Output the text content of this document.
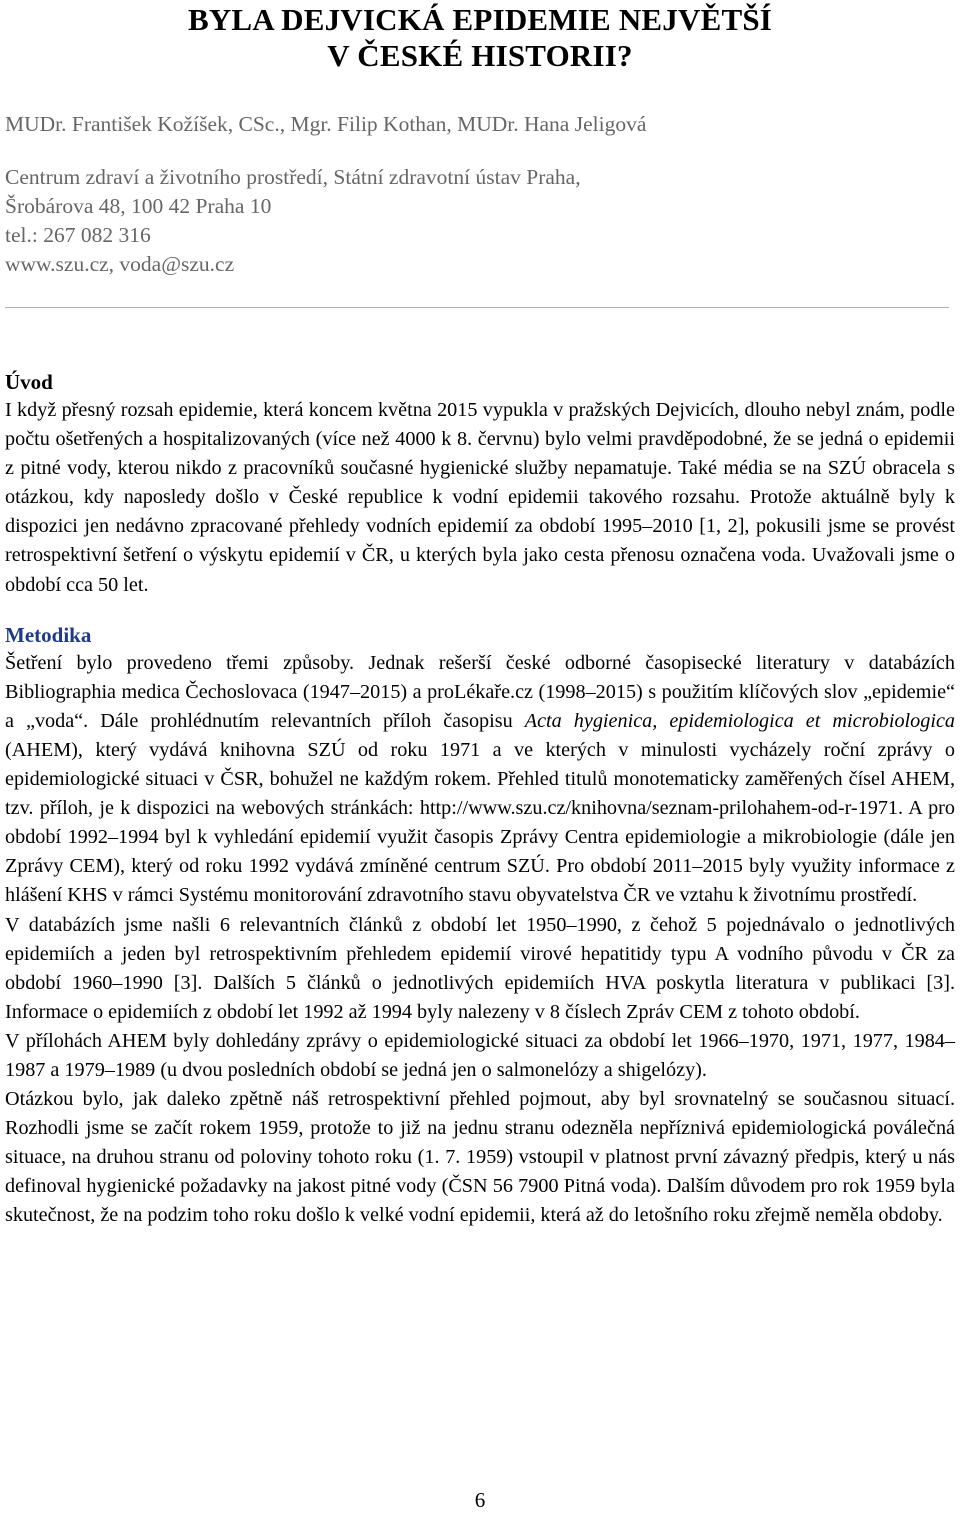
BYLA DEJVICKÁ EPIDEMIE NEJVĚTŠÍ
V ČESKÉ HISTORII?

MUDr. František Kožíšek, CSc., Mgr. Filip Kothan, MUDr. Hana Jeligová

Centrum zdraví a životního prostředí, Státní zdravotní ústav Praha,
Šrobárova 48, 100 42 Praha 10
tel.: 267 082 316
www.szu.cz, voda@szu.cz
Úvod

I když přesný rozsah epidemie, která koncem května 2015 vypukla v pražských Dejvicích, dlouho nebyl znám, podle počtu ošetřených a hospitalizovaných (více než 4000 k 8. červnu) bylo velmi pravděpodobné, že se jedná o epidemii z pitné vody, kterou nikdo z pracovníků současné hygienické služby nepamatuje. Také média se na SZÚ obracela s otázkou, kdy naposledy došlo v České republice k vodní epidemii takového rozsahu. Protože aktuálně byly k dispozici jen nedávno zpracované přehledy vodních epidemií za období 1995–2010 [1, 2], pokusili jsme se provést retrospektivní šetření o výskytu epidemií v ČR, u kterých byla jako cesta přenosu označena voda. Uvažovali jsme o období cca 50 let.

Metodika

Šetření bylo provedeno třemi způsoby. Jednak rešerší české odborné časopisecké literatury v databázích Bibliographia medica Čechoslovaca (1947–2015) a proLékaře.cz (1998–2015) s použitím klíčových slov „epidemie“ a „voda“. Dále prohlédnutím relevantních příloh časopisu Acta hygienica, epidemiologica et microbiologica (AHEM), který vydává knihovna SZÚ od roku 1971 a ve kterých v minulosti vycházely roční zprávy o epidemiologické situaci v ČSR, bohužel ne každým rokem. Přehled titulů monotematicky zaměřených čísel AHEM, tzv. příloh, je k dispozici na webových stránkách: http://www.szu.cz/knihovna/seznam-prilohahem-od-r-1971. A pro období 1992–1994 byl k vyhledání epidemií využit časopis Zprávy Centra epidemiologie a mikrobiologie (dále jen Zprávy CEM), který od roku 1992 vydává zmíněné centrum SZÚ. Pro období 2011–2015 byly využity informace z hlášení KHS v rámci Systému monitorování zdravotního stavu obyvatelstva ČR ve vztahu k životnímu prostředí.

V databázích jsme našli 6 relevantních článků z období let 1950–1990, z čehož 5 pojednávalo o jednotlivých epidemiích a jeden byl retrospektivním přehledem epidemií virové hepatitidy typu A vodního původu v ČR za období 1960–1990 [3]. Dalších 5 článků o jednotlivých epidemiích HVA poskytla literatura v publikaci [3]. Informace o epidemiích z období let 1992 až 1994 byly nalezeny v 8 číslech Zpráv CEM z tohoto období.

V přílohách AHEM byly dohledány zprávy o epidemiologické situaci za období let 1966–1970, 1971, 1977, 1984–1987 a 1979–1989 (u dvou posledních období se jedná jen o salmonelózy a shigelózy).

Otázkou bylo, jak daleko zpětně náš retrospektivní přehled pojmout, aby byl srovnatelný se současnou situací. Rozhodli jsme se začít rokem 1959, protože to již na jednu stranu odezněla nepříznivá epidemiologická poválečná situace, na druhou stranu od poloviny tohoto roku (1. 7. 1959) vstoupil v platnost první závazný předpis, který u nás definoval hygienické požadavky na jakost pitné vody (ČSN 56 7900 Pitná voda). Dalším důvodem pro rok 1959 byla skutečnost, že na podzim toho roku došlo k velké vodní epidemii, která až do letošního roku zřejmě neměla obdoby.

6
